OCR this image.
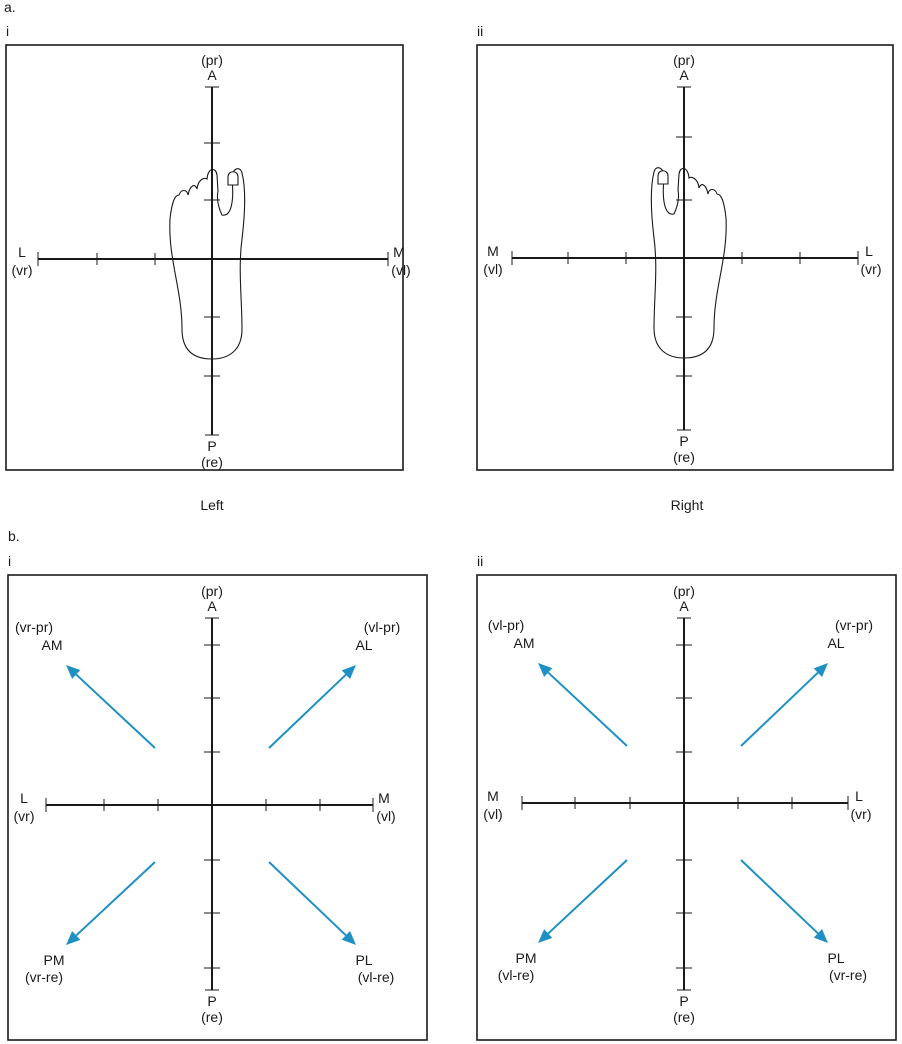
a.
b.
i
(pr)
A
P
(re)
L
(vr)
M
(vl)
Left
ii
(pr)
A
P
(re)
M
(vl)
L
(vr)
Right
i
(pr)
A
P
(re)
L
(vr)
M
(vl)
(vr-pr)
AM
(vl-pr)
AL
PM
(vr-re)
PL
(vl-re)
ii
(pr)
A
P
(re)
M
(vl)
L
(vr)
(vl-pr)
AM
(vr-pr)
AL
PM
(vl-re)
PL
(vr-re)
